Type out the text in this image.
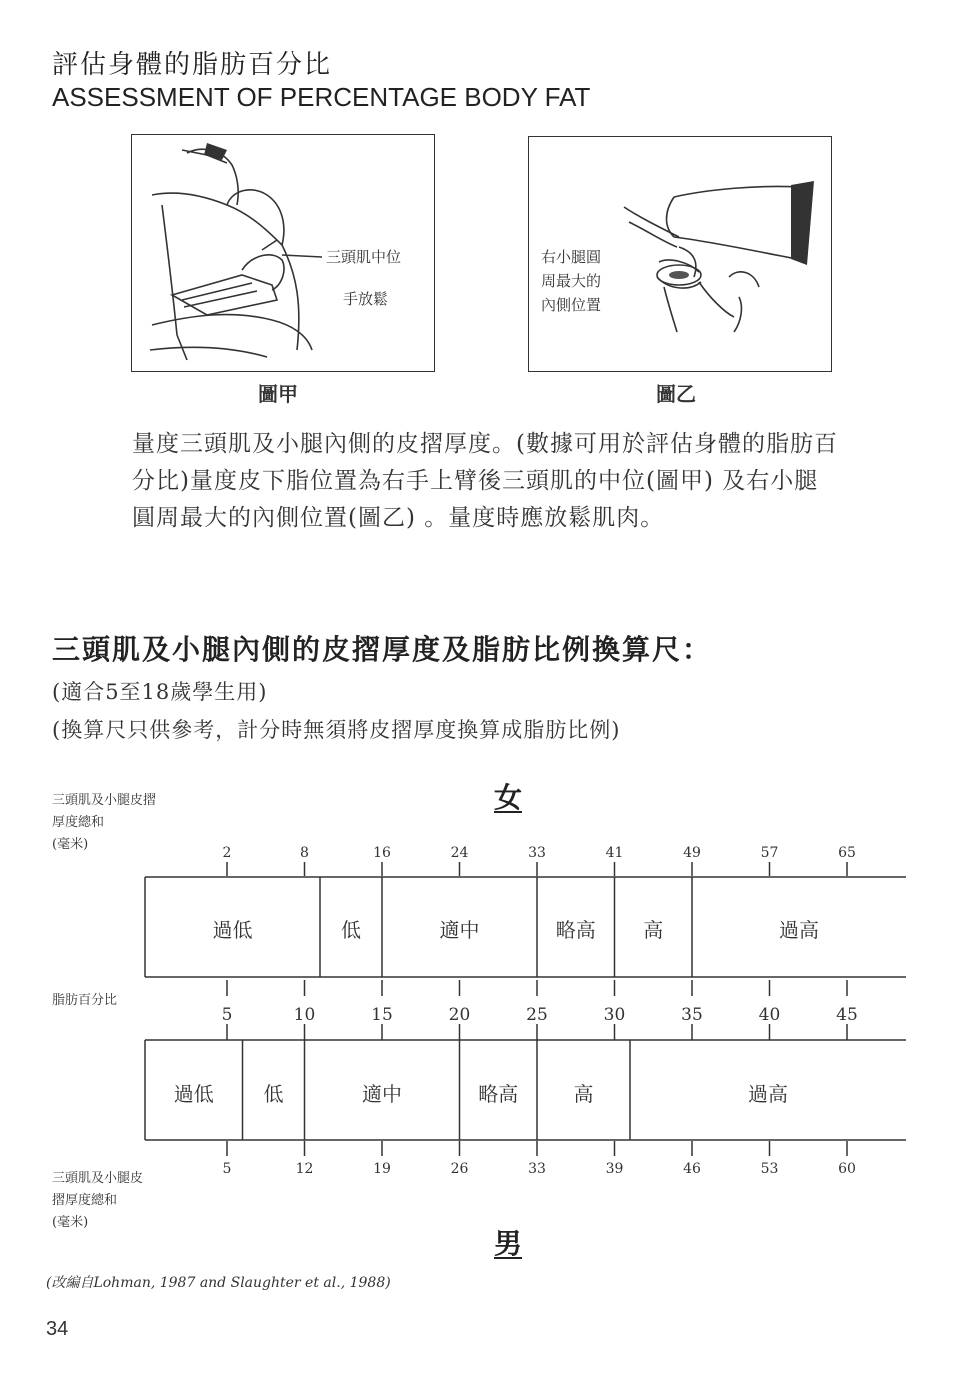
評估身體的脂肪百分比
ASSESSMENT OF PERCENTAGE BODY FAT
三頭肌中位
手放鬆
圖甲
右小腿圓
周最大的
內側位置
圖乙
量度三頭肌及小腿內側的皮摺厚度。(數據可用於評估身體的脂肪百分比)量度皮下脂位置為右手上臂後三頭肌的中位(圖甲) 及右小腿圓周最大的內側位置(圖乙) 。量度時應放鬆肌肉。
三頭肌及小腿內側的皮摺厚度及脂肪比例換算尺：
(適合5至18歲學生用)
(換算尺只供參考，計分時無須將皮摺厚度換算成脂肪比例)
三頭肌及小腿皮摺
厚度總和
(毫米)
脂肪百分比
三頭肌及小腿皮
摺厚度總和
(毫米)
女
男
2	8	16	24	33	41	49	57	65
過低	低	適中	略高 高	過高
5	10	15	20	25	30	35	40	45
過低 低	適中	略高	高	過高
5	12	19	26	33	39	46	53	60
(改編自Lohman, 1987 and Slaughter et al., 1988)
34
